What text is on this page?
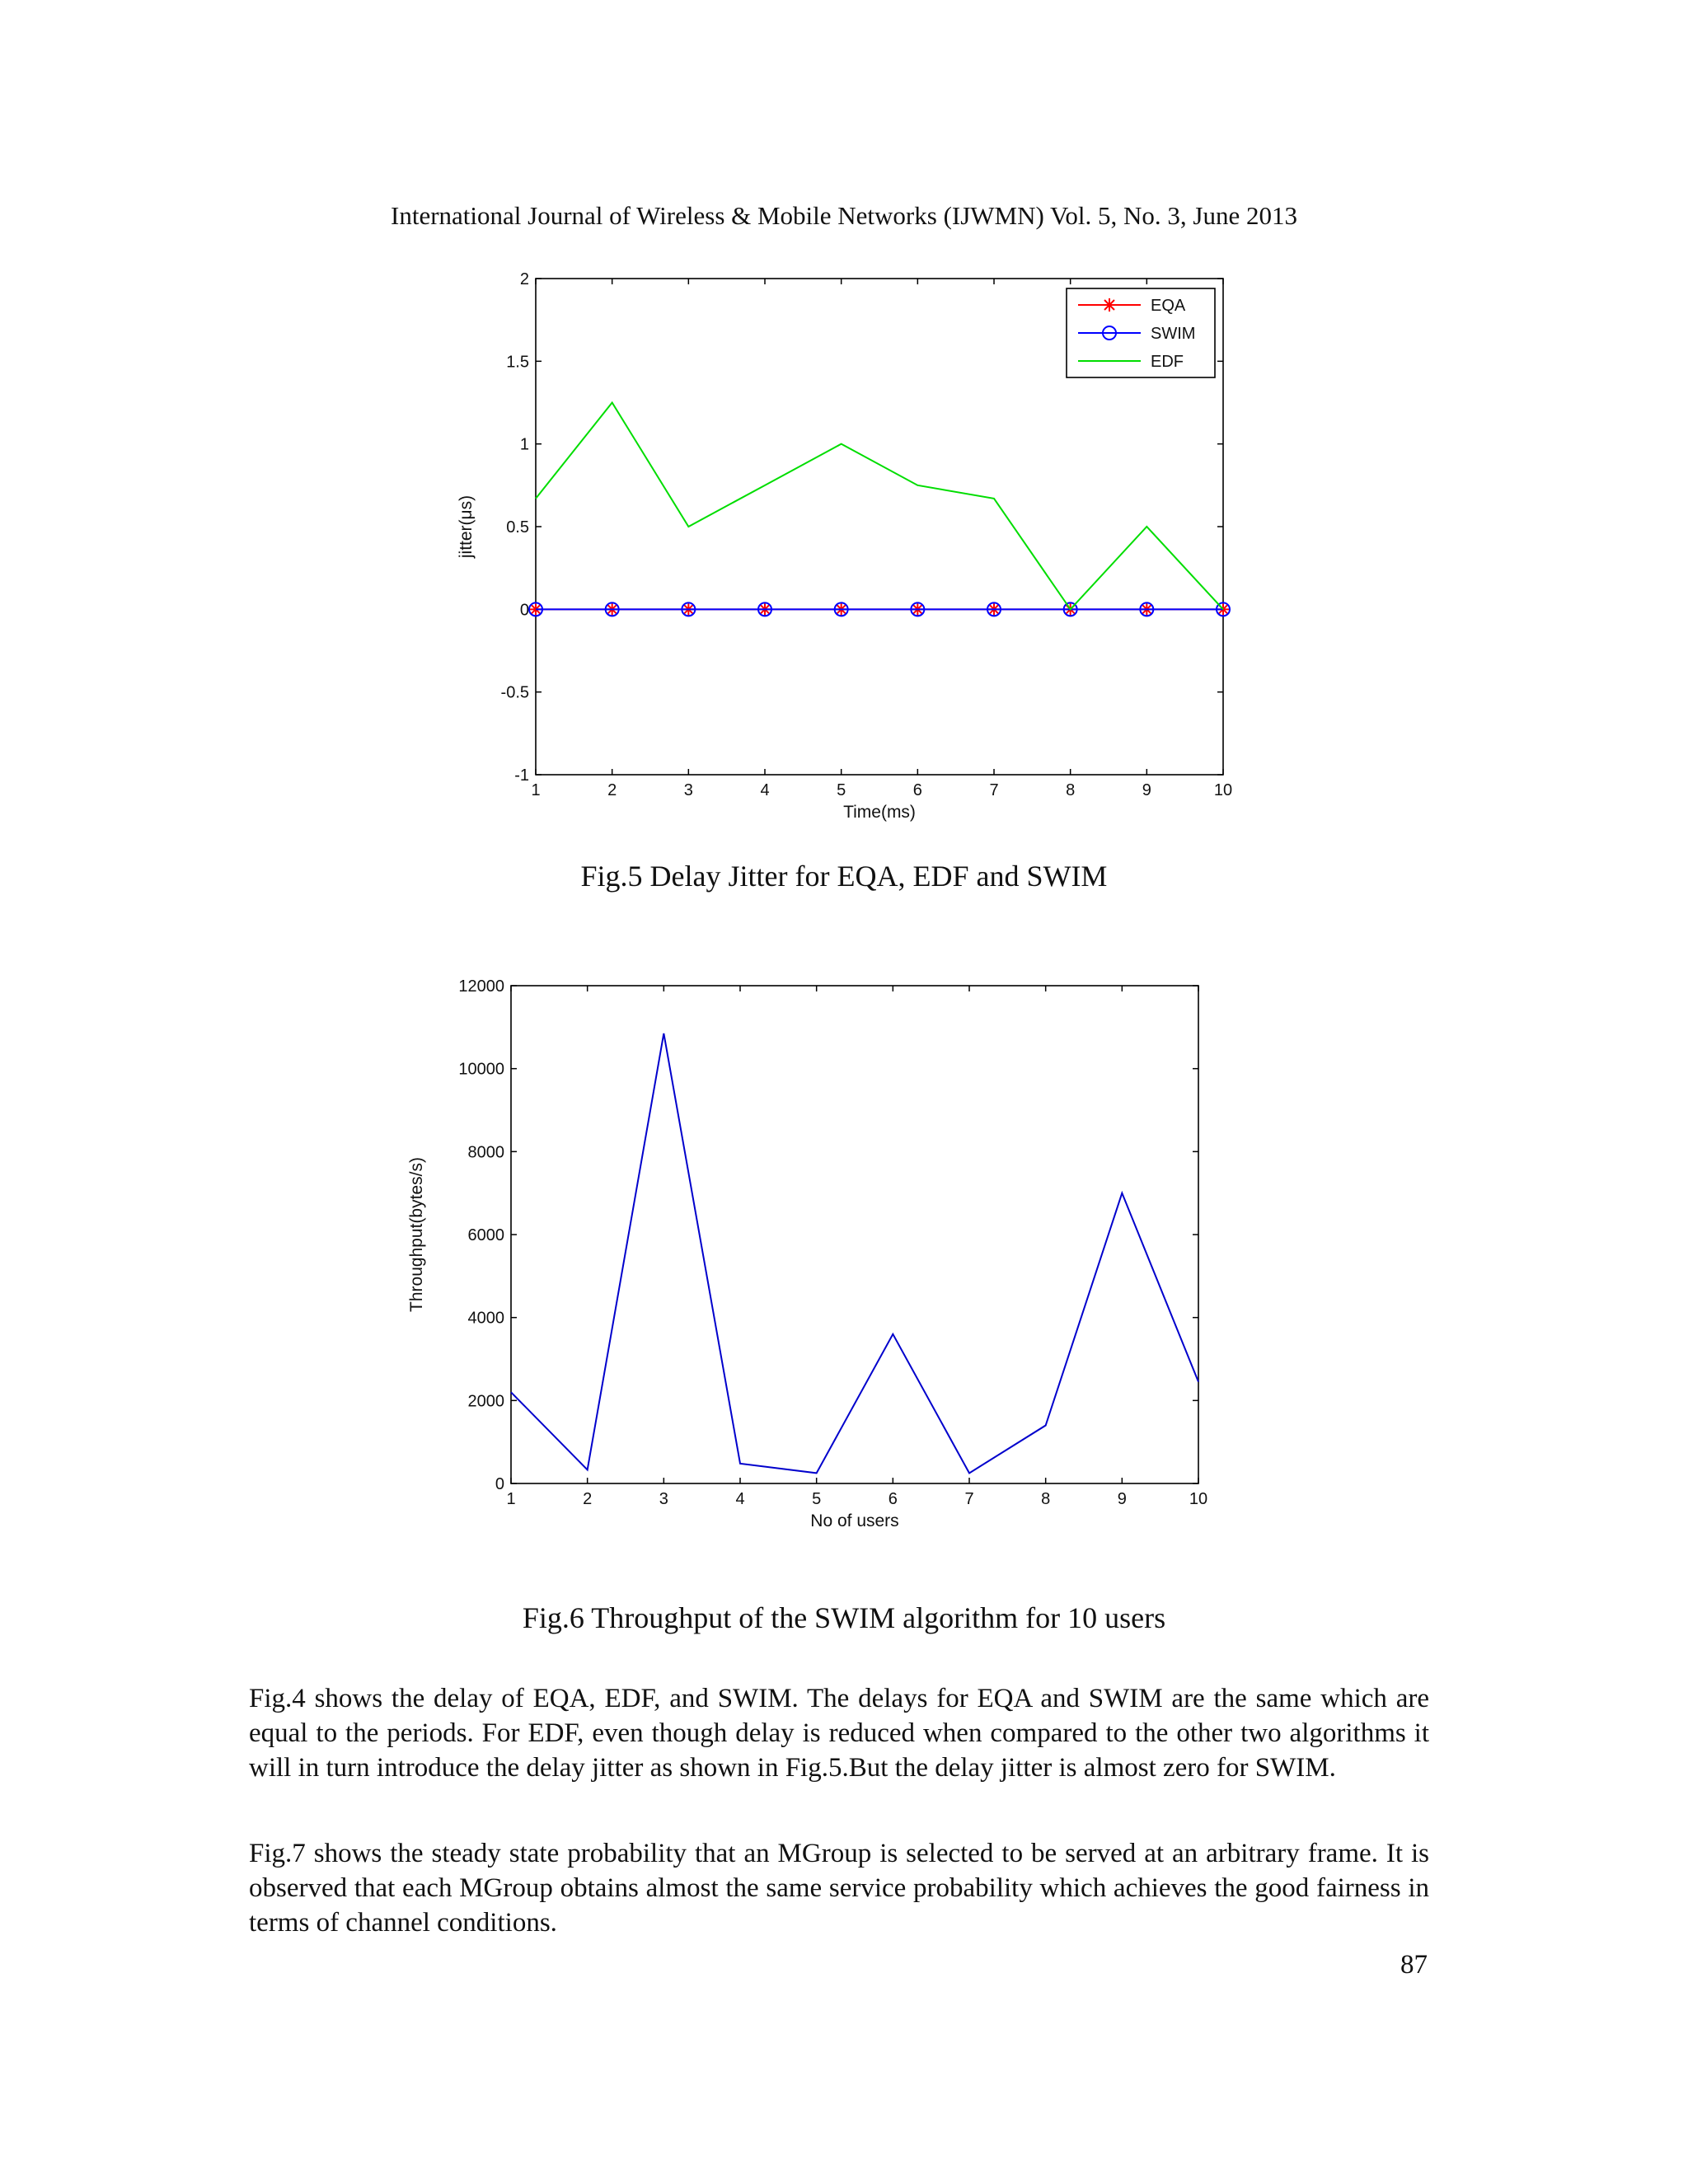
International Journal of Wireless & Mobile Networks (IJWMN) Vol. 5, No. 3, June 2013
1	2	3	4	5	6	7	8	9	10
-1
-0.5
0
0.5
1
1.5
2
Time(ms)
jitter(μs)
EQA
SWIM
EDF
1	2	3	4	5	6	7	8	9	10
0
2000
4000
6000
8000
10000
12000
No of users
Throughput(bytes/s)
Fig.5 Delay Jitter for EQA, EDF and SWIM
Fig.6 Throughput of the SWIM algorithm for 10 users
Fig.4 shows the delay of EQA, EDF, and SWIM. The delays for EQA and SWIM are the same which are equal to the periods. For EDF, even though delay is reduced when compared to the other two algorithms it will in turn introduce the delay jitter as shown in Fig.5.But the delay jitter is almost zero for SWIM.
Fig.7 shows the steady state probability that an MGroup is selected to be served at an arbitrary frame. It is observed that each MGroup obtains almost the same service probability which achieves the good fairness in terms of channel conditions.
87
